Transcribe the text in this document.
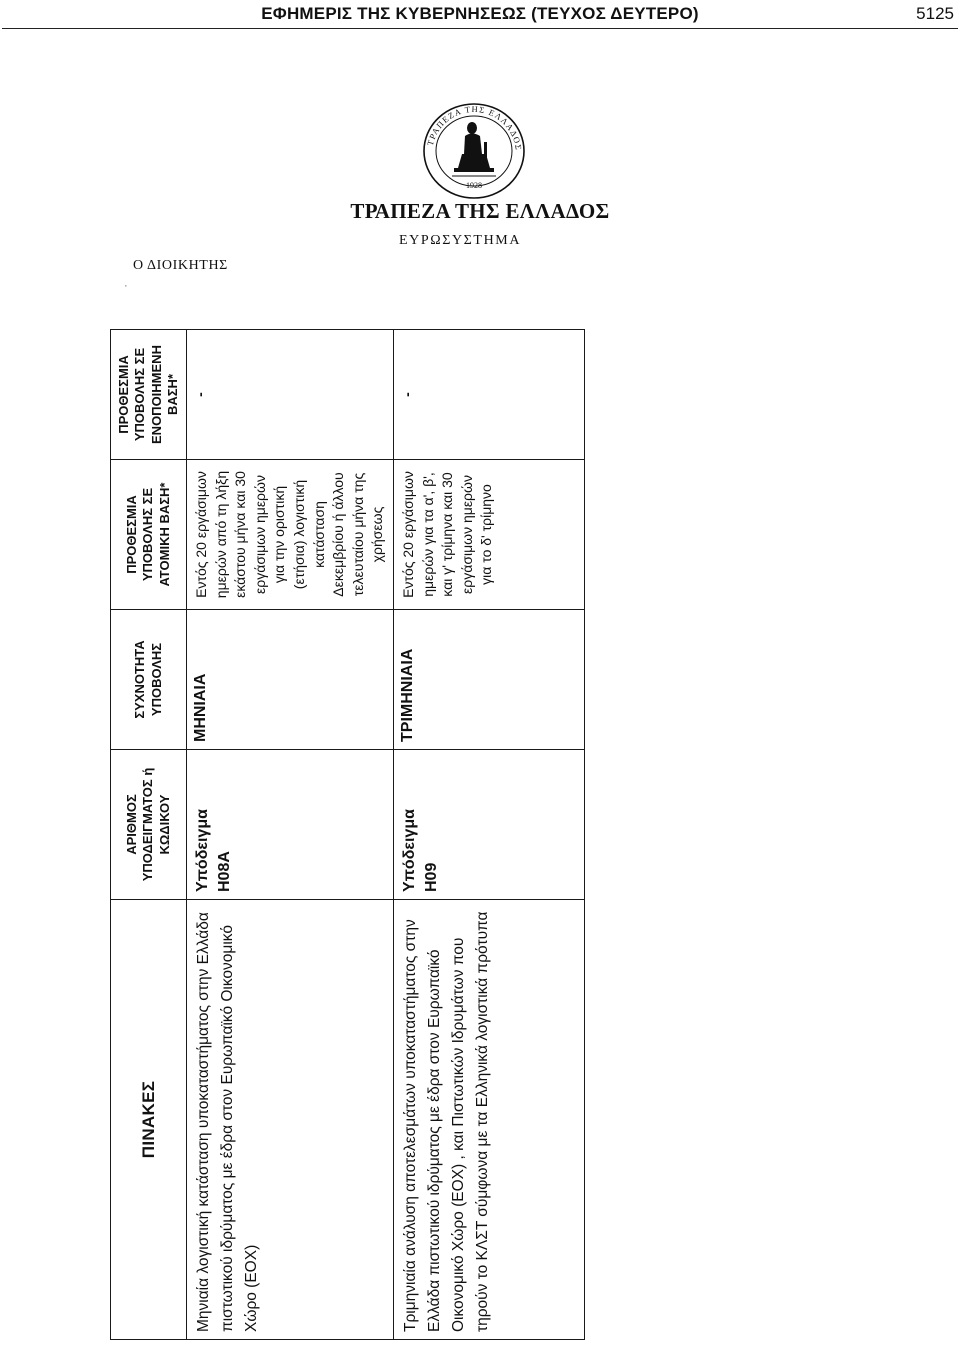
ΕΦΗΜΕΡΙΣ ΤΗΣ ΚΥΒΕΡΝΗΣΕΩΣ (ΤΕΥΧΟΣ ΔΕΥΤΕΡΟ)	5125
ΤΡΑΠΕΖΑ ΤΗΣ ΕΛΛΑΔΟΣ
1928
ΤΡΑΠΕΖΑ ΤΗΣ ΕΛΛΑΔΟΣ
ΕΥΡΩΣΥΣΤΗΜΑ
Ο ΔΙΟΙΚΗΤΗΣ
·
ΠΙΝΑΚΕΣ	ΑΡΙΘΜΟΣ ΥΠΟΔΕΙΓΜΑΤΟΣ ή ΚΩΔΙΚΟΥ	ΣΥΧΝΟΤΗΤΑ ΥΠΟΒΟΛΗΣ	ΠΡΟΘΕΣΜΙΑ ΥΠΟΒΟΛΗΣ ΣΕ ΑΤΟΜΙΚΗ ΒΑΣΗ*	ΠΡΟΘΕΣΜΙΑ ΥΠΟΒΟΛΗΣ ΣΕ ΕΝΟΠΟΙΗΜΕΝΗ ΒΑΣΗ*
Μηνιαία λογιστική κατάσταση υποκαταστήματος στην Ελλάδα πιστωτικού ιδρύματος με έδρα στον Ευρωπαϊκό Οικονομικό Χώρο (ΕΟΧ)	Υπόδειγμα Η08Α	ΜΗΝΙΑΙΑ	Εντός 20 εργάσιμων ημερών από τη λήξη εκάστου μήνα και 30 εργάσιμων ημερών για την οριστική (ετήσια) λογιστική κατάσταση Δεκεμβρίου ή άλλου τελευταίου μήνα της χρήσεως	-
Τριμηνιαία ανάλυση αποτελεσμάτων υποκαταστήματος στην Ελλάδα πιστωτικού ιδρύματος με έδρα στον Ευρωπαϊκό Οικονομικό Χώρο (ΕΟΧ) , και Πιστωτικών Ιδρυμάτων που τηρούν το ΚΛΣΤ σύμφωνα με τα Ελληνικά λογιστικά πρότυπα	Υπόδειγμα Η09	ΤΡΙΜΗΝΙΑΙΑ	Εντός 20 εργάσιμων ημερών για τα α', β', και γ' τρίμηνα και 30 εργάσιμων ημερών για το δ' τρίμηνο	-
